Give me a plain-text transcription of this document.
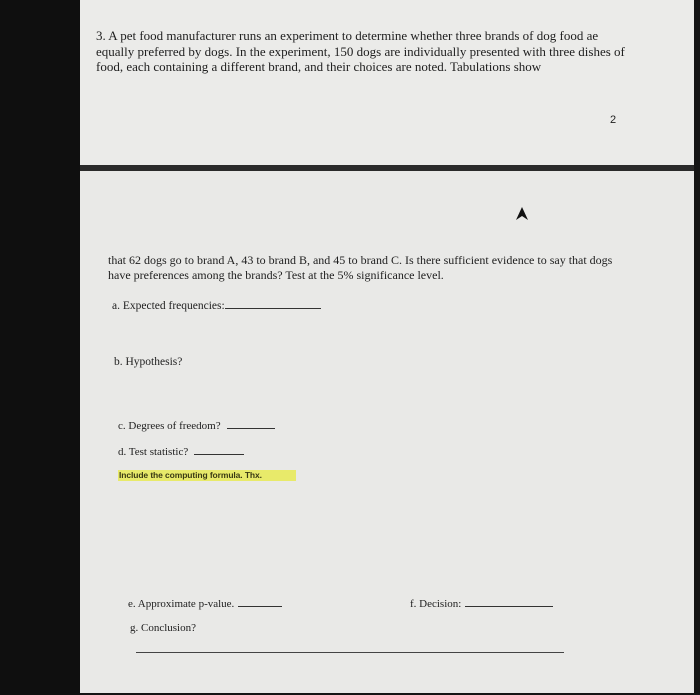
3. A pet food manufacturer runs an experiment to determine whether three brands of dog food ae equally preferred by dogs. In the experiment, 150 dogs are individually presented with three dishes of food, each containing a different brand, and their choices are noted. Tabulations show

2

that 62 dogs go to brand A, 43 to brand B, and 45 to brand C. Is there sufficient evidence to say that dogs have preferences among the brands? Test at the 5% significance level.

a. Expected frequencies:
b. Hypothesis?
c. Degrees of freedom?
d. Test statistic?
Include the computing formula. Thx.
e. Approximate p-value.	f. Decision:
g. Conclusion?
